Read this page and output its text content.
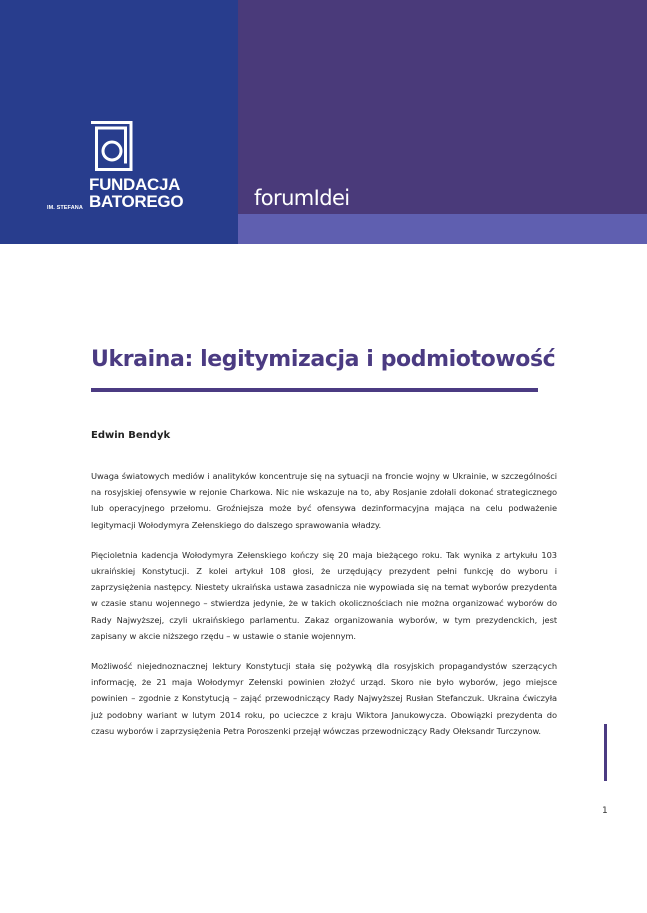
FUNDACJA
IM. STEFANA BATOREGO	forumIdei
Ukraina: legitymizacja i podmiotowość
Edwin Bendyk

Uwaga światowych mediów i analityków koncentruje się na sytuacji na froncie wojny w Ukrainie, w szczególności na rosyjskiej ofensywie w rejonie Charkowa. Nic nie wskazuje na to, aby Rosjanie zdołali dokonać strategicznego lub operacyjnego przełomu. Groźniejsza może być ofensywa dezinformacyjna mająca na celu podważenie legitymacji Wołodymyra Zełenskiego do dalszego sprawowania władzy.

Pięcioletnia kadencja Wołodymyra Zełenskiego kończy się 20 maja bieżącego roku. Tak wynika z artykułu 103 ukraińskiej Konstytucji. Z kolei artykuł 108 głosi, że urzędujący prezydent pełni funkcję do wyboru i zaprzysiężenia następcy. Niestety ukraińska ustawa zasadnicza nie wypowiada się na temat wyborów prezydenta w czasie stanu wojennego – stwierdza jedynie, że w takich okolicznościach nie można organizować wyborów do Rady Najwyższej, czyli ukraińskiego parlamentu. Zakaz organizowania wyborów, w tym prezydenckich, jest zapisany w akcie niższego rzędu – w ustawie o stanie wojennym.

Możliwość niejednoznacznej lektury Konstytucji stała się pożywką dla rosyjskich propagandystów szerzących informację, że 21 maja Wołodymyr Zełenski powinien złożyć urząd. Skoro nie było wyborów, jego miejsce powinien – zgodnie z Konstytucją – zająć przewodniczący Rady Najwyższej Rusłan Stefanczuk. Ukraina ćwiczyła już podobny wariant w lutym 2014 roku, po ucieczce z kraju Wiktora Janukowycza. Obowiązki prezydenta do czasu wyborów i zaprzysiężenia Petra Poroszenki przejął wówczas przewodniczący Rady Ołeksandr Turczynow.

1
